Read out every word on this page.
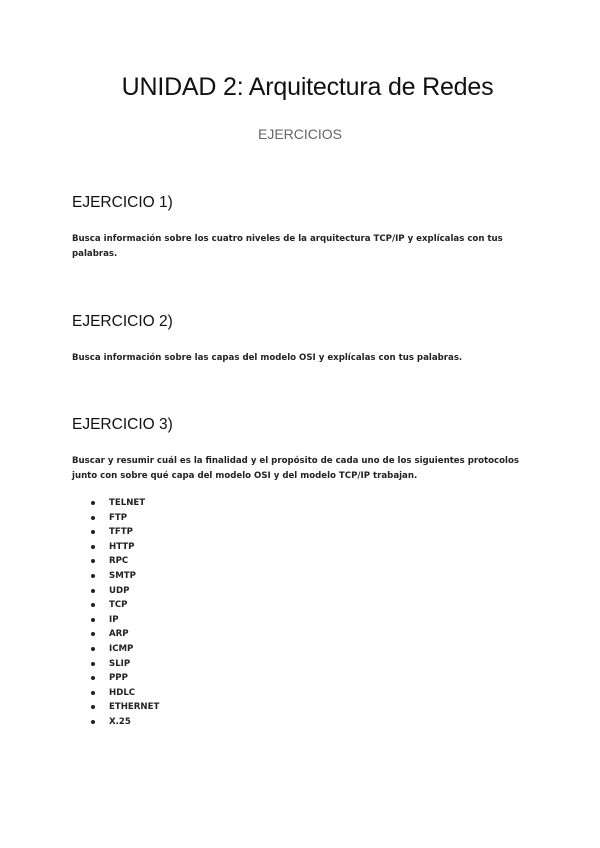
UNIDAD 2: Arquitectura de Redes
EJERCICIOS
EJERCICIO 1)

Busca información sobre los cuatro niveles de la arquitectura TCP/IP y explícalas con tus palabras.

EJERCICIO 2)

Busca información sobre las capas del modelo OSI y explícalas con tus palabras.

EJERCICIO 3)

Buscar y resumir cuál es la finalidad y el propósito de cada uno de los siguientes protocolos junto con sobre qué capa del modelo OSI y del modelo TCP/IP trabajan.

TELNET
FTP
TFTP
HTTP
RPC
SMTP
UDP
TCP
IP
ARP
ICMP
SLIP
PPP
HDLC
ETHERNET
X.25
